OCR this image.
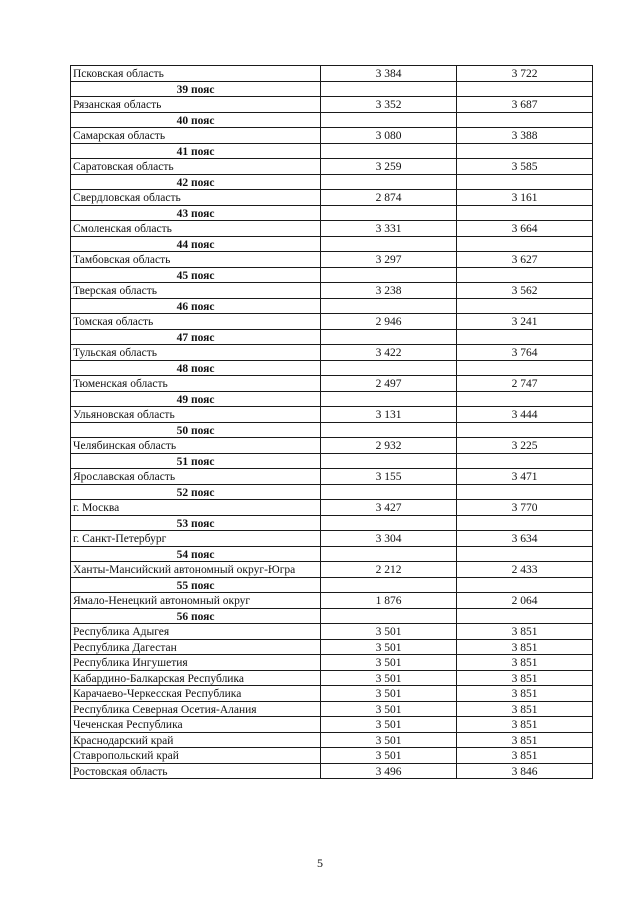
Псковская область	3 384	3 722
39 пояс		
Рязанская область	3 352	3 687
40 пояс		
Самарская область	3 080	3 388
41 пояс		
Саратовская область	3 259	3 585
42 пояс		
Свердловская область	2 874	3 161
43 пояс		
Смоленская область	3 331	3 664
44 пояс		
Тамбовская область	3 297	3 627
45 пояс		
Тверская область	3 238	3 562
46 пояс		
Томская область	2 946	3 241
47 пояс		
Тульская область	3 422	3 764
48 пояс		
Тюменская область	2 497	2 747
49 пояс		
Ульяновская область	3 131	3 444
50 пояс		
Челябинская область	2 932	3 225
51 пояс		
Ярославская область	3 155	3 471
52 пояс		
г. Москва	3 427	3 770
53 пояс		
г. Санкт-Петербург	3 304	3 634
54 пояс		
Ханты-Мансийский автономный округ-Югра	2 212	2 433
55 пояс		
Ямало-Ненецкий автономный округ	1 876	2 064
56 пояс		
Республика Адыгея	3 501	3 851
Республика Дагестан	3 501	3 851
Республика Ингушетия	3 501	3 851
Кабардино-Балкарская Республика	3 501	3 851
Карачаево-Черкесская Республика	3 501	3 851
Республика Северная Осетия-Алания	3 501	3 851
Чеченская Республика	3 501	3 851
Краснодарский край	3 501	3 851
Ставропольский край	3 501	3 851
Ростовская область	3 496	3 846
5
